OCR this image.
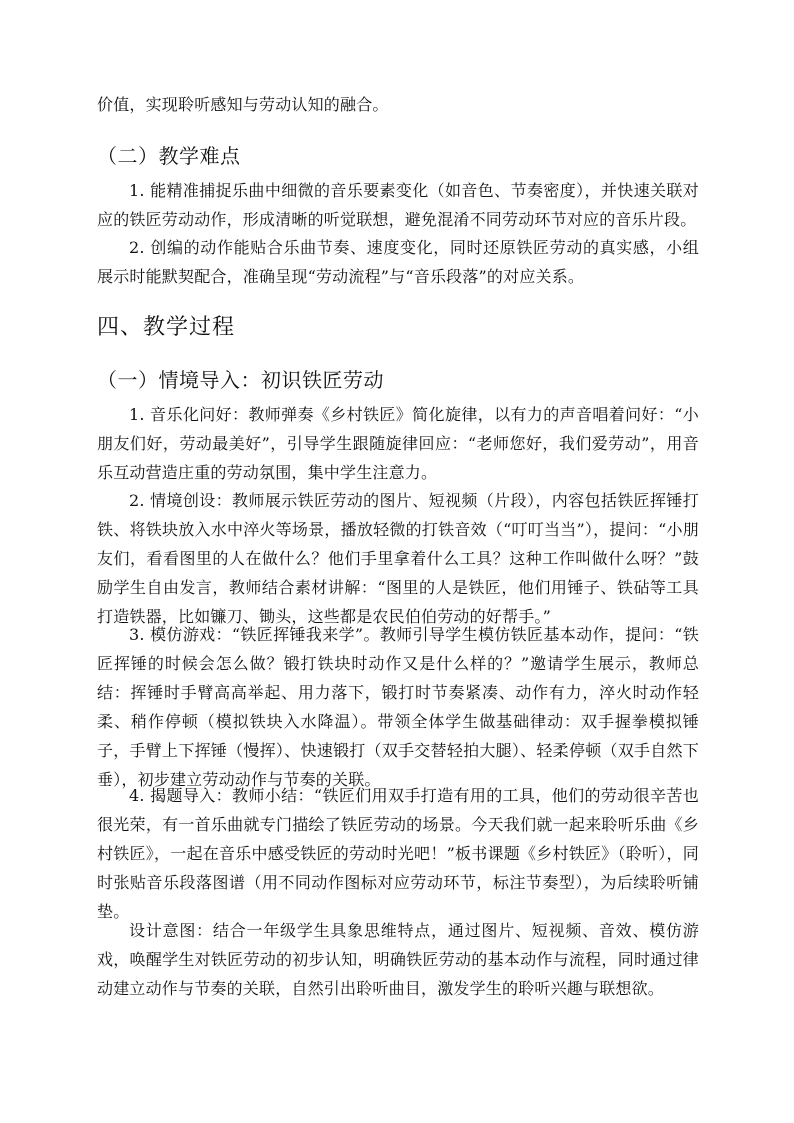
价值，实现聆听感知与劳动认知的融合。

（二）教学难点

1. 能精准捕捉乐曲中细微的音乐要素变化（如音色、节奏密度），并快速关联对应的铁匠劳动动作，形成清晰的听觉联想，避免混淆不同劳动环节对应的音乐片段。

2. 创编的动作能贴合乐曲节奏、速度变化，同时还原铁匠劳动的真实感，小组展示时能默契配合，准确呈现“劳动流程”与“音乐段落”的对应关系。

四、教学过程
（一）情境导入：初识铁匠劳动

1. 音乐化问好：教师弹奏《乡村铁匠》简化旋律，以有力的声音唱着问好：“小朋友们好，劳动最美好”，引导学生跟随旋律回应：“老师您好，我们爱劳动”，用音乐互动营造庄重的劳动氛围，集中学生注意力。

2. 情境创设：教师展示铁匠劳动的图片、短视频（片段），内容包括铁匠挥锤打铁、将铁块放入水中淬火等场景，播放轻微的打铁音效（“叮叮当当”），提问：“小朋友们，看看图里的人在做什么？他们手里拿着什么工具？这种工作叫做什么呀？”鼓励学生自由发言，教师结合素材讲解：“图里的人是铁匠，他们用锤子、铁砧等工具打造铁器，比如镰刀、锄头，这些都是农民伯伯劳动的好帮手。”

3. 模仿游戏：“铁匠挥锤我来学”。教师引导学生模仿铁匠基本动作，提问：“铁匠挥锤的时候会怎么做？锻打铁块时动作又是什么样的？”邀请学生展示，教师总结：挥锤时手臂高高举起、用力落下，锻打时节奏紧凑、动作有力，淬火时动作轻柔、稍作停顿（模拟铁块入水降温）。带领全体学生做基础律动：双手握拳模拟锤子，手臂上下挥锤（慢挥）、快速锻打（双手交替轻拍大腿）、轻柔停顿（双手自然下垂），初步建立劳动动作与节奏的关联。

4. 揭题导入：教师小结：“铁匠们用双手打造有用的工具，他们的劳动很辛苦也很光荣，有一首乐曲就专门描绘了铁匠劳动的场景。今天我们就一起来聆听乐曲《乡村铁匠》，一起在音乐中感受铁匠的劳动时光吧！”板书课题《乡村铁匠》（聆听），同时张贴音乐段落图谱（用不同动作图标对应劳动环节，标注节奏型），为后续聆听铺垫。

设计意图：结合一年级学生具象思维特点，通过图片、短视频、音效、模仿游戏，唤醒学生对铁匠劳动的初步认知，明确铁匠劳动的基本动作与流程，同时通过律动建立动作与节奏的关联，自然引出聆听曲目，激发学生的聆听兴趣与联想欲。
